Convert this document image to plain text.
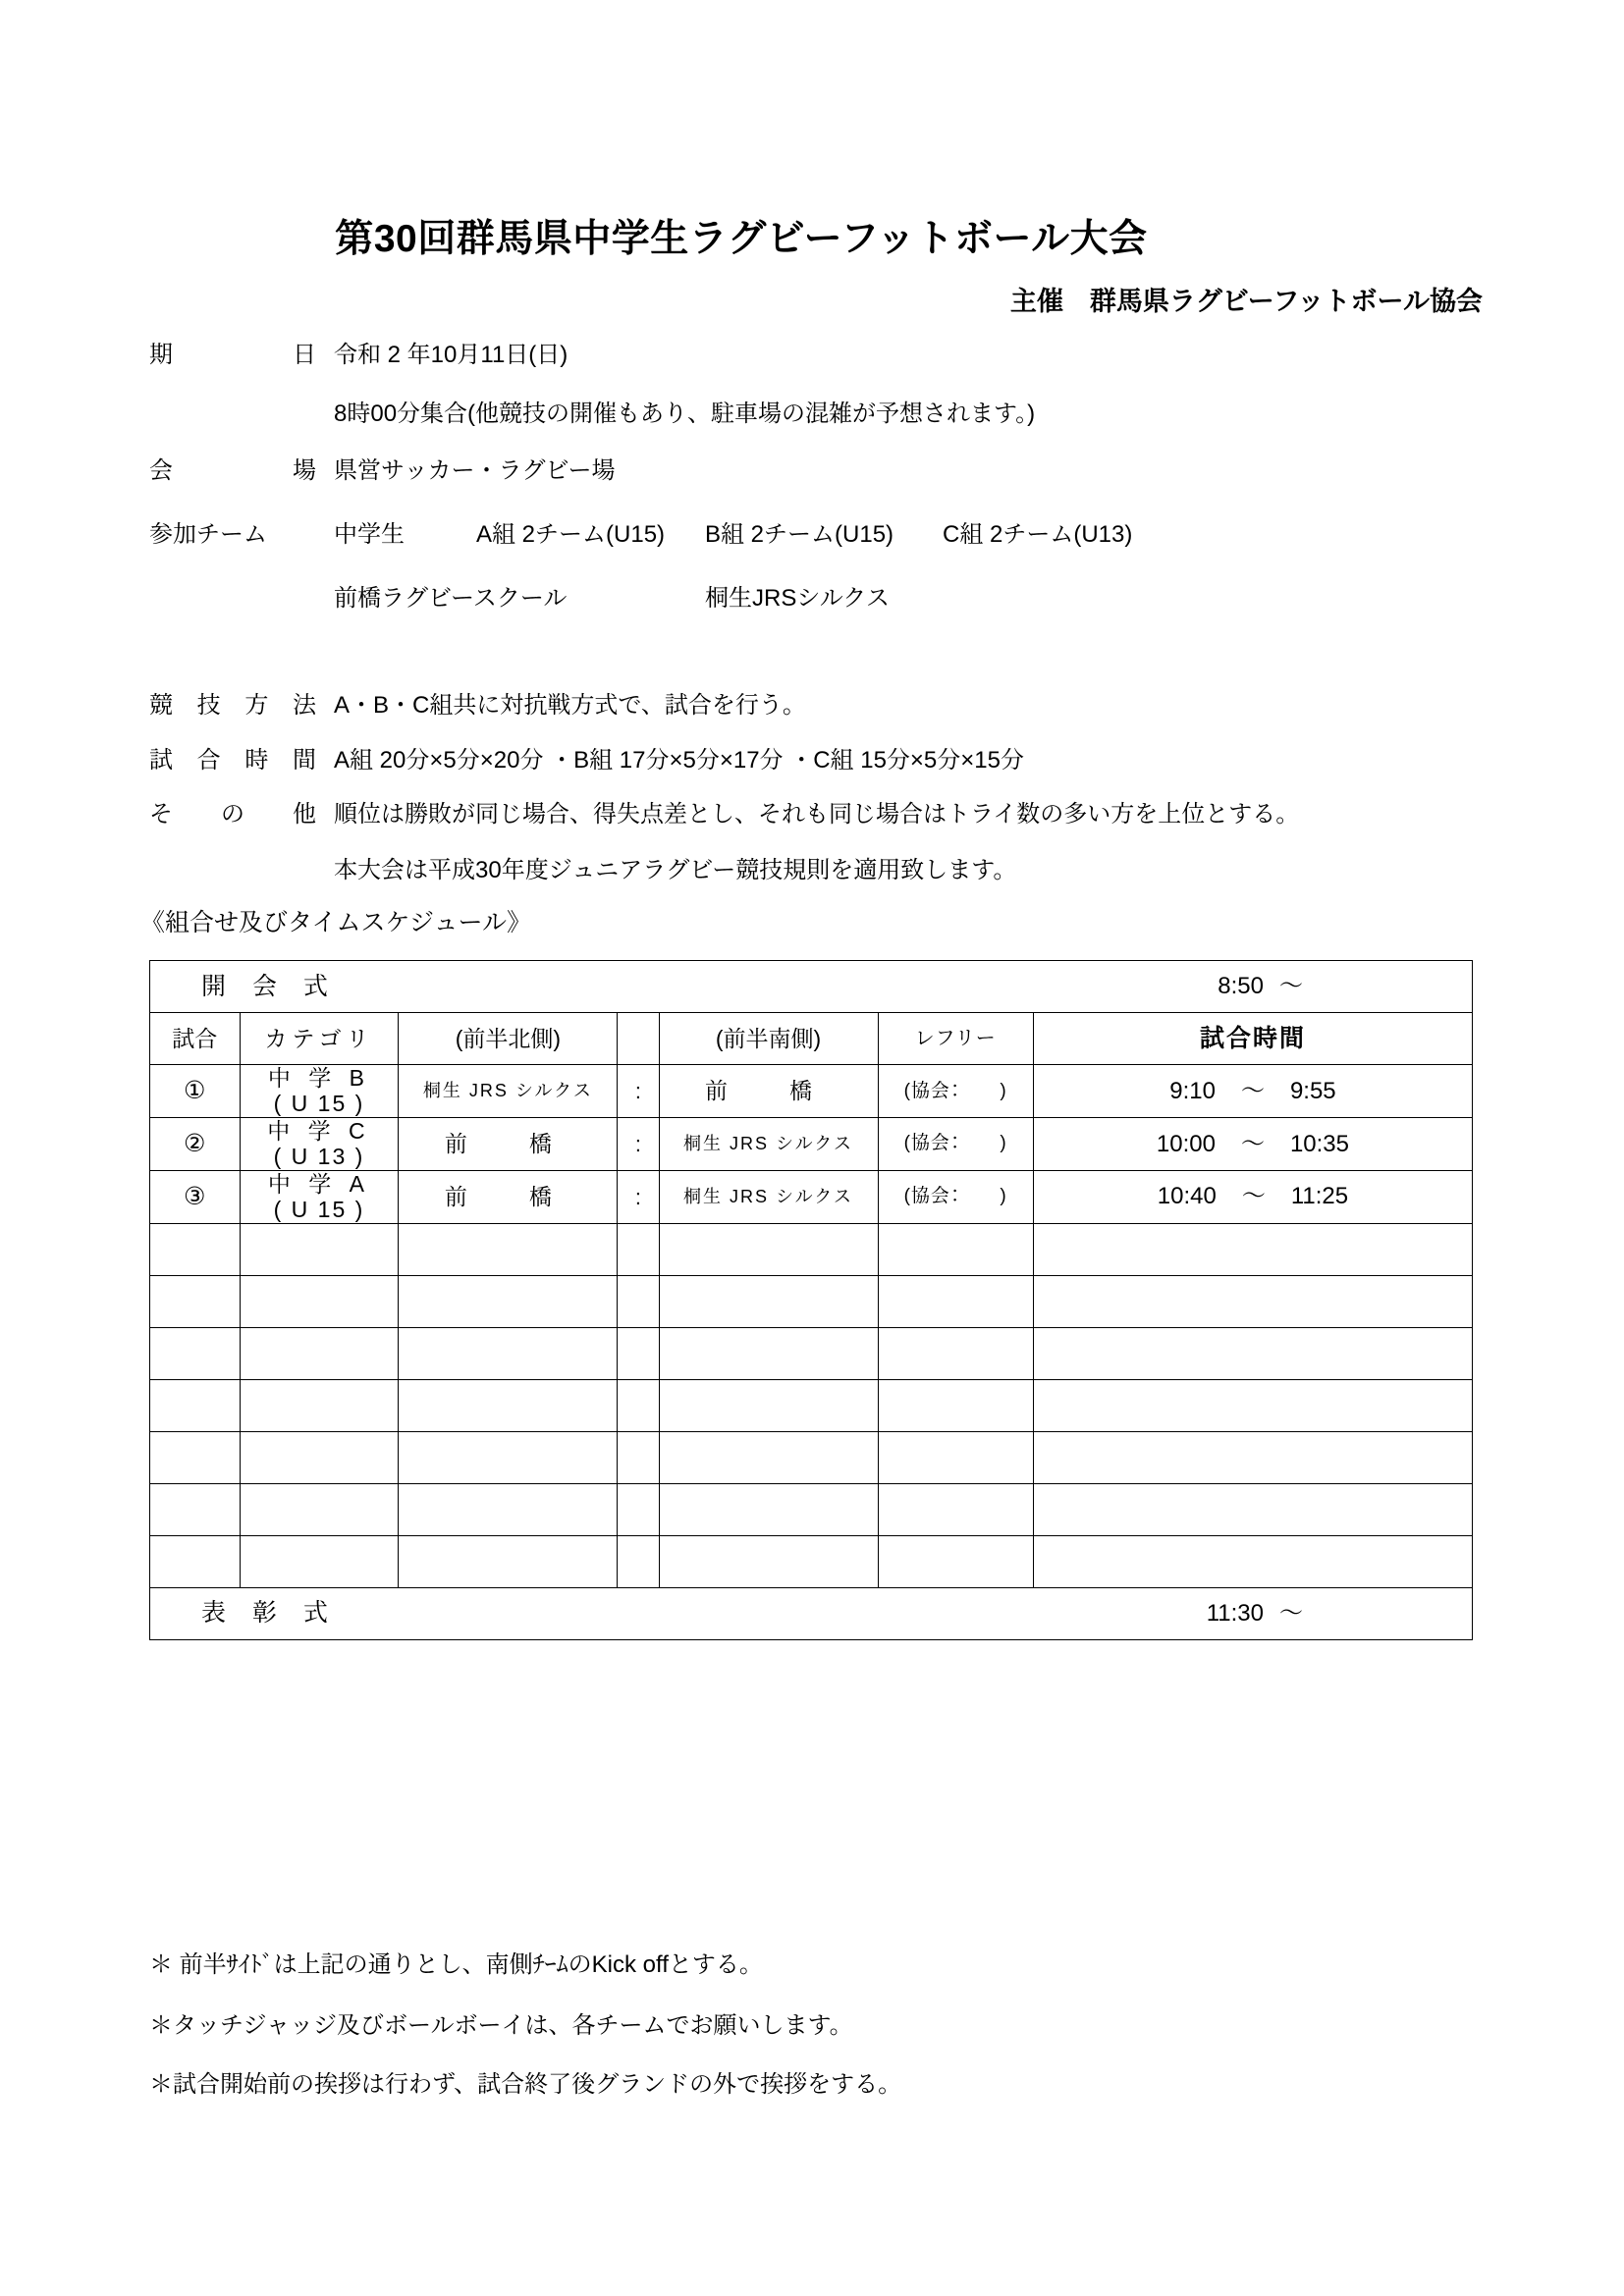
第30回群馬県中学生ラグビーフットボール大会
主催　群馬県ラグビーフットボール協会
期　　日 令和 2 年10月11日(日)
8時00分集合(他競技の開催もあり、駐車場の混雑が予想されます。)
会　　場 県営サッカー・ラグビー場
参加チーム	中学生	A組 2チーム(U15) B組 2チーム(U15) C組 2チーム(U13)
前橋ラグビースクール	桐生JRSシルクス
競 技 方 法 A・B・C組共に対抗戦方式で、試合を行う。
試 合 時 間 A組 20分×5分×20分 ・B組 17分×5分×17分 ・C組 15分×5分×15分
そ　の　他 順位は勝敗が同じ場合、得失点差とし、それも同じ場合はトライ数の多い方を上位とする。
本大会は平成30年度ジュニアラグビー競技規則を適用致します。
《組合せ及びタイムスケジュール》
開 会 式 8:50 ～						

試合	カテゴリ	(前半北側)		(前半南側)	レフリー	試合時間
①	中 学 B
( U 15 )	桐生 JRS シルクス	:	前　橋	(協会：　　)	9:10 ～ 9:55
②	中 学 C
( U 13 )	前　橋	:	桐生 JRS シルクス	(協会：　　)	10:00 ～ 10:35
③	中 学 A
( U 15 )	前　橋	:	桐生 JRS シルクス	(協会：　　)	10:40 ～ 11:25

表 彰 式 11:30 ～						
＊ 前半ｻｲﾄﾞは上記の通りとし、南側ﾁｰﾑのKick offとする。
＊タッチジャッジ及びボールボーイは、各チームでお願いします。
＊試合開始前の挨拶は行わず、試合終了後グランドの外で挨拶をする。
